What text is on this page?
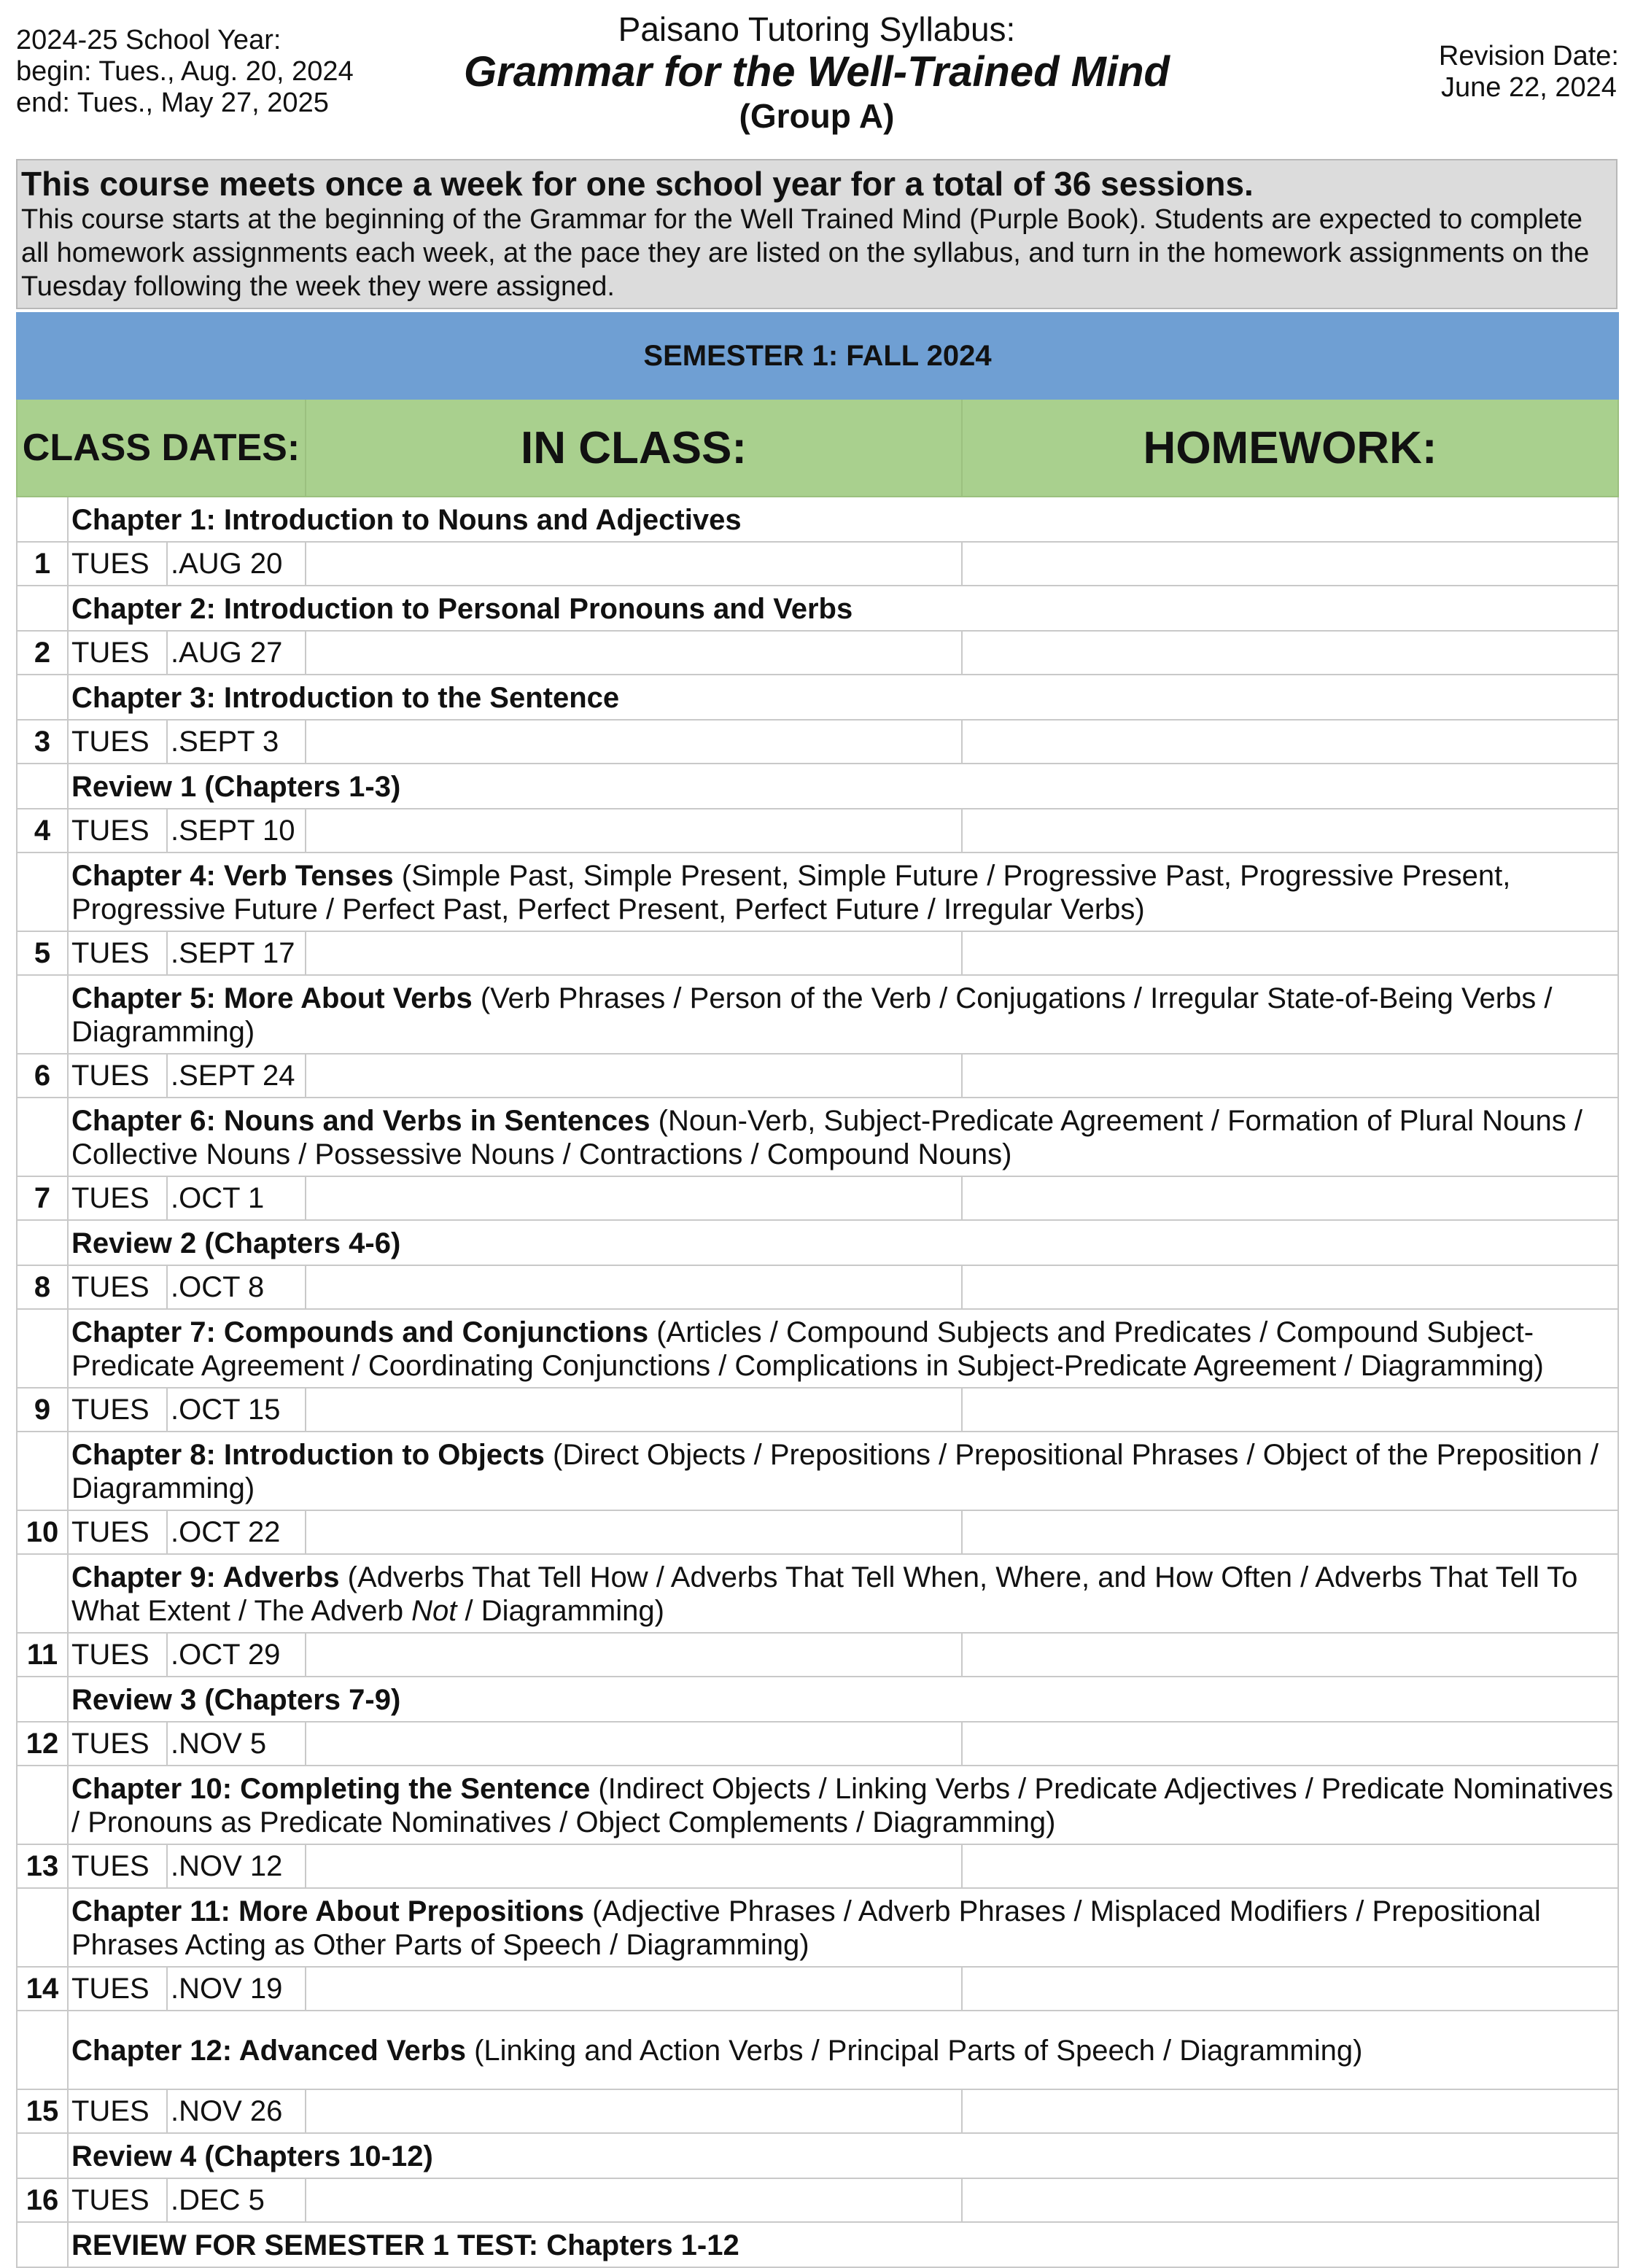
2024-25 School Year:
begin: Tues., Aug. 20, 2024
end: Tues., May 27, 2025
Paisano Tutoring Syllabus:
Grammar for the Well-Trained Mind
(Group A)
Revision Date:
June 22, 2024
This course meets once a week for one school year for a total of 36 sessions.
This course starts at the beginning of the Grammar for the Well Trained Mind (Purple Book). Students are expected to complete all homework assignments each week, at the pace they are listed on the syllabus, and turn in the homework assignments on the Tuesday following the week they were assigned.
SEMESTER 1: FALL 2024				
CLASS DATES:			IN CLASS:	HOMEWORK:
	Chapter 1: Introduction to Nouns and Adjectives			
1	TUES	.AUG 20		
	Chapter 2: Introduction to Personal Pronouns and Verbs			
2	TUES	.AUG 27		
	Chapter 3: Introduction to the Sentence			
3	TUES	.SEPT 3		
	Review 1 (Chapters 1-3)			
4	TUES	.SEPT 10		
	Chapter 4: Verb Tenses (Simple Past, Simple Present, Simple Future / Progressive Past, Progressive Present, Progressive Future / Perfect Past, Perfect Present, Perfect Future / Irregular Verbs)			
5	TUES	.SEPT 17		
	Chapter 5: More About Verbs (Verb Phrases / Person of the Verb / Conjugations / Irregular State-of-Being Verbs / Diagramming)			
6	TUES	.SEPT 24		
	Chapter 6: Nouns and Verbs in Sentences (Noun-Verb, Subject-Predicate Agreement / Formation of Plural Nouns / Collective Nouns / Possessive Nouns / Contractions / Compound Nouns)			
7	TUES	.OCT 1		
	Review 2 (Chapters 4-6)			
8	TUES	.OCT 8		
	Chapter 7: Compounds and Conjunctions (Articles / Compound Subjects and Predicates / Compound Subject-Predicate Agreement / Coordinating Conjunctions / Complications in Subject-Predicate Agreement / Diagramming)			
9	TUES	.OCT 15		
	Chapter 8: Introduction to Objects (Direct Objects / Prepositions / Prepositional Phrases / Object of the Preposition / Diagramming)			
10	TUES	.OCT 22		
	Chapter 9: Adverbs (Adverbs That Tell How / Adverbs That Tell When, Where, and How Often / Adverbs That Tell To What Extent / The Adverb Not / Diagramming)			
11	TUES	.OCT 29		
	Review 3 (Chapters 7-9)			
12	TUES	.NOV 5		
	Chapter 10: Completing the Sentence (Indirect Objects / Linking Verbs / Predicate Adjectives / Predicate Nominatives / Pronouns as Predicate Nominatives / Object Complements / Diagramming)			
13	TUES	.NOV 12		
	Chapter 11: More About Prepositions (Adjective Phrases / Adverb Phrases / Misplaced Modifiers / Prepositional Phrases Acting as Other Parts of Speech / Diagramming)			
14	TUES	.NOV 19		
	Chapter 12: Advanced Verbs (Linking and Action Verbs / Principal Parts of Speech / Diagramming)			
15	TUES	.NOV 26		
	Review 4 (Chapters 10-12)			
16	TUES	.DEC 5		
	REVIEW FOR SEMESTER 1 TEST: Chapters 1-12			
